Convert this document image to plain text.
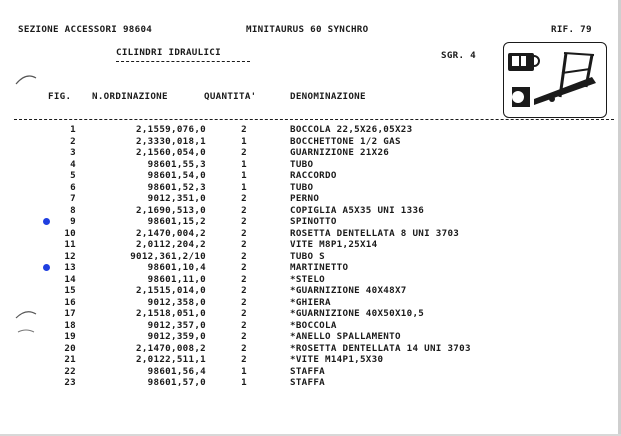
SEZIONE ACCESSORI 98604	MINITAURUS 60 SYNCHRO	RIF. 79
CILINDRI IDRAULICI	SGR. 4
FIG. N.ORDINAZIONE	QUANTITA'	DENOMINAZIONE
1	2,1559,076,0	2	BOCCOLA 22,5X26,05X23
2	2,3330,018,1	1	BOCCHETTONE 1/2 GAS
3	2,1560,054,0	2	GUARNIZIONE 21X26
4	98601,55,3	1	TUBO
5	98601,54,0	1	RACCORDO
6	98601,52,3	1	TUBO
7	9012,351,0	2	PERNO
8	2,1690,513,0	2	COPIGLIA A5X35 UNI 1336
9	98601,15,2	2	SPINOTTO
10	2,1470,004,2	2	ROSETTA DENTELLATA 8 UNI 3703
11	2,0112,204,2	2	VITE M8P1,25X14
12	9012,361,2/10	2	TUBO S
13	98601,10,4	2	MARTINETTO
14	98601,11,0	2	*STELO
15	2,1515,014,0	2	*GUARNIZIONE 40X48X7
16	9012,358,0	2	*GHIERA
17	2,1518,051,0	2	*GUARNIZIONE 40X50X10,5
18	9012,357,0	2	*BOCCOLA
19	9012,359,0	2	*ANELLO SPALLAMENTO
20	2,1470,008,2	2	*ROSETTA DENTELLATA 14 UNI 3703
21	2,0122,511,1	2	*VITE M14P1,5X30
22	98601,56,4	1	STAFFA
23	98601,57,0	1	STAFFA
